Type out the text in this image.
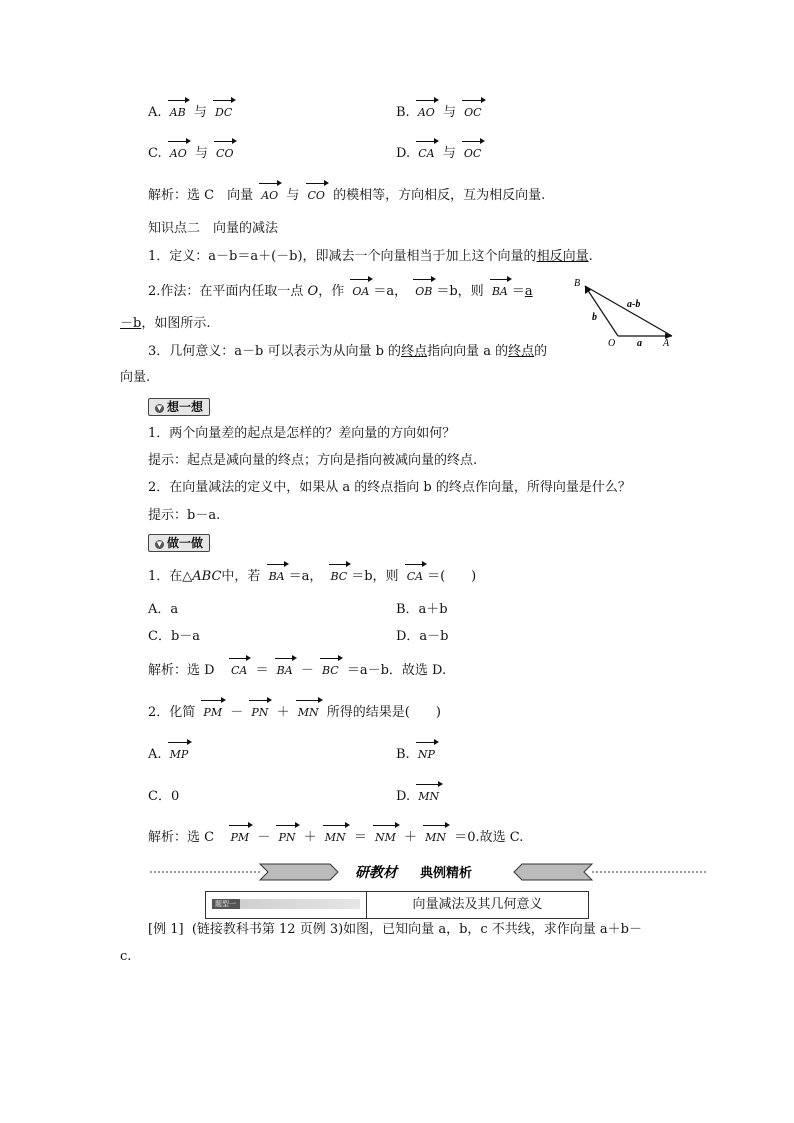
A. AB 与 DC	B. AO 与 OC
C. AO 与 CO	D. CA 与 OC
解析：选 C　向量 AO 与 CO 的模相等，方向相反，互为相反向量.
知识点二　向量的减法
1．定义：a－b＝a＋(－b)，即减去一个向量相当于加上这个向量的相反向量.
2.作法：在平面内任取一点 O，作 OA ＝a， OB ＝b，则 BA ＝a
－b，如图所示.
3．几何意义：a－b 可以表示为从向量 b 的终点指向向量 a 的终点的
向量.
B
O	A
a-b
b
a
▼ 想一想
1．两个向量差的起点是怎样的？差向量的方向如何？
提示：起点是减向量的终点；方向是指向被减向量的终点.
2．在向量减法的定义中，如果从 a 的终点指向 b 的终点作向量，所得向量是什么？
提示：b－a.
▼ 做一做
1．在△ABC中，若 BA ＝a， BC ＝b，则 CA ＝(　　)
A．a	B．a＋b
C．b－a	D．a－b
解析：选 D CA ＝ BA － BC ＝a－b．故选 D.
2．化简 PM － PN ＋ MN 所得的结果是(　　)
A. MP	B. NP
C．0	D. MN
解析：选 C PM － PN ＋ MN ＝ NM ＋ MN ＝0.故选 C.
研教材 典例精析
题型一	向量减法及其几何意义
[例 1] (链接教科书第 12 页例 3)如图，已知向量 a，b，c 不共线，求作向量 a＋b－
c.
